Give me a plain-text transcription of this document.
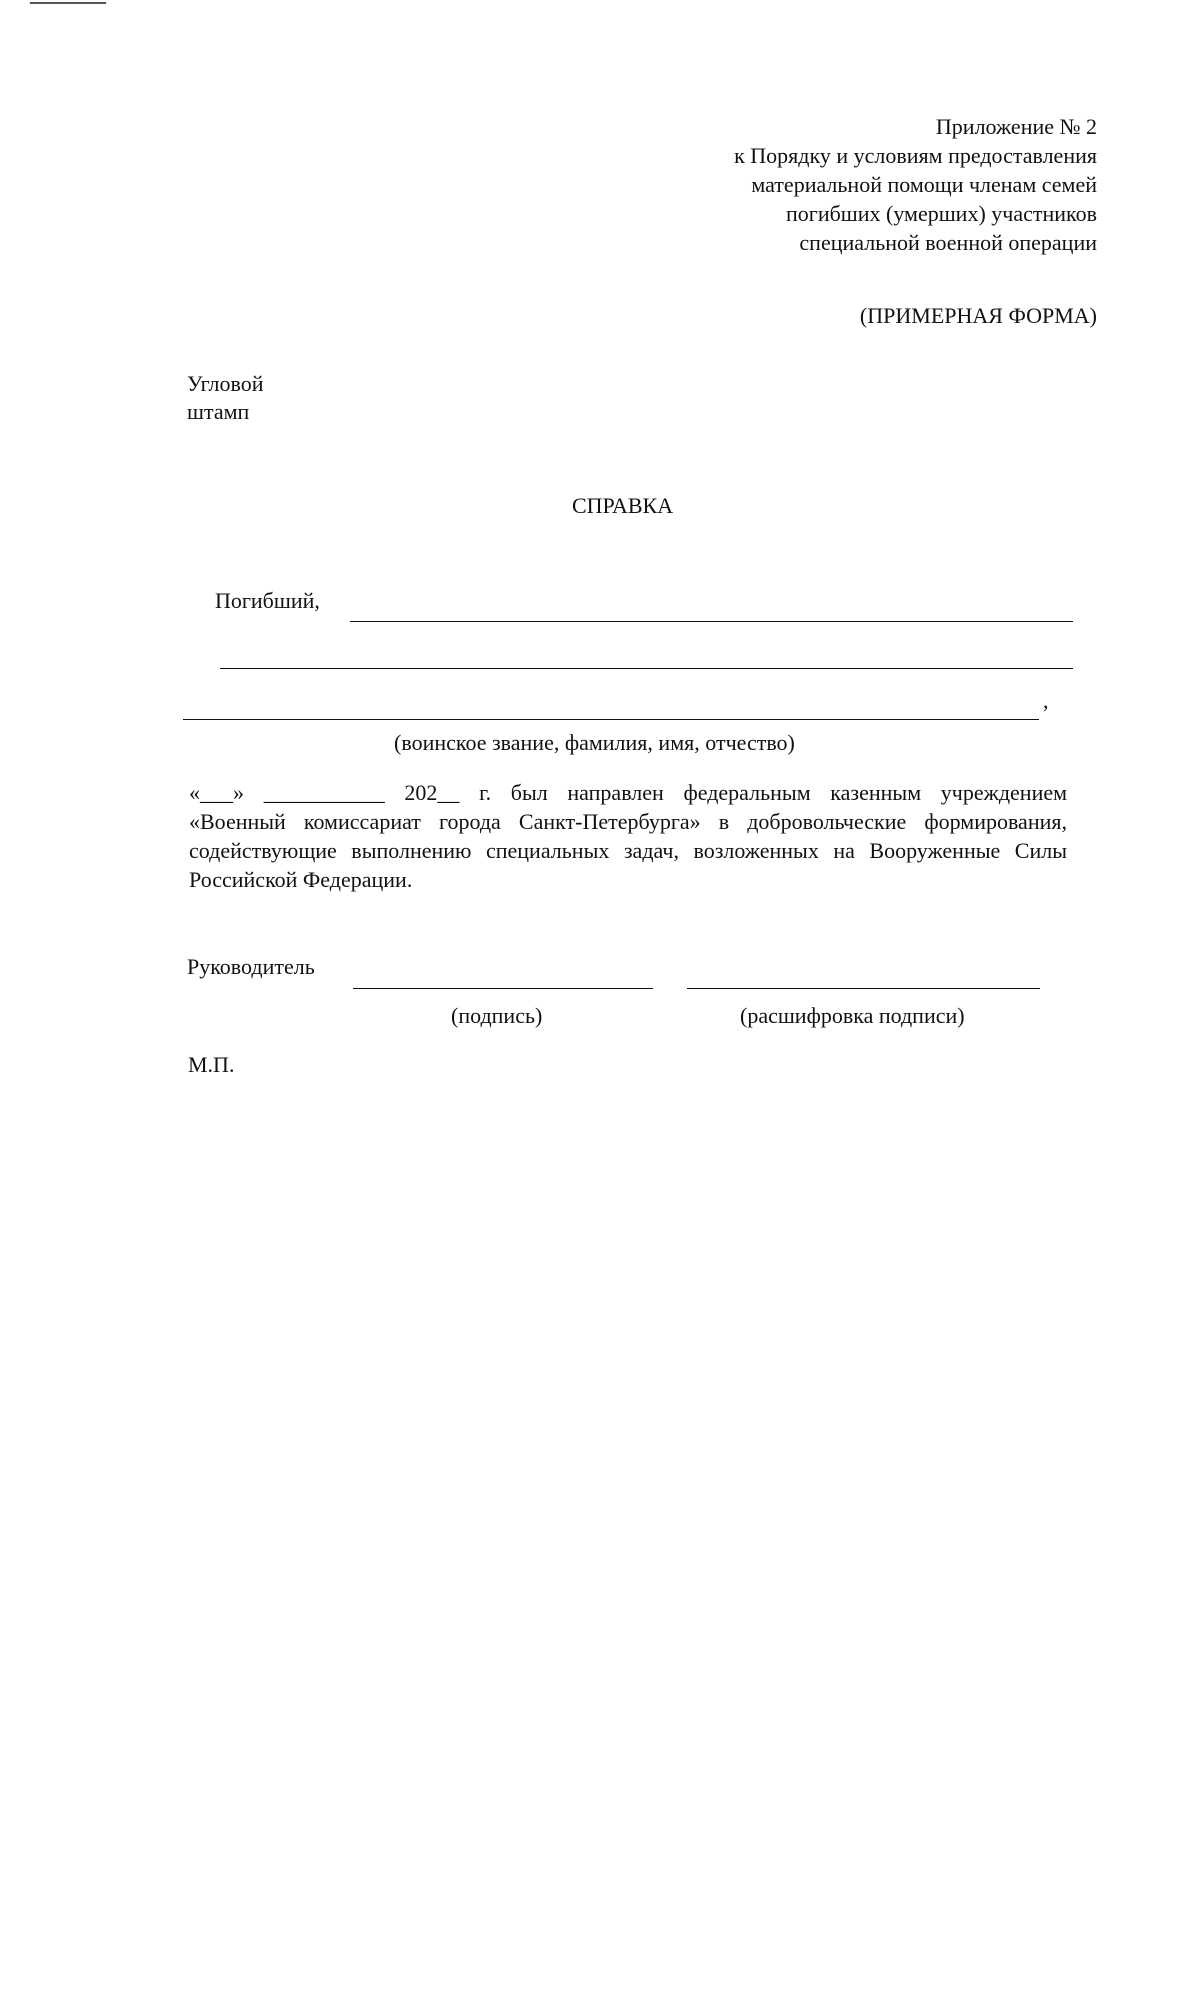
Приложение № 2
к Порядку и условиям предоставления
материальной помощи членам семей
погибших (умерших) участников
специальной военной операции
(ПРИМЕРНАЯ ФОРМА)
Угловой
штамп
СПРАВКА
Погибший,
,
(воинское звание, фамилия, имя, отчество)
«___» ___________ 202__ г. был направлен федеральным казенным учреждением
«Военный комиссариат города Санкт-Петербурга» в добровольческие формирования,
содействующие выполнению специальных задач, возложенных на Вооруженные Силы
Российской Федерации.
Руководитель
(подпись)	(расшифровка подписи)
М.П.
